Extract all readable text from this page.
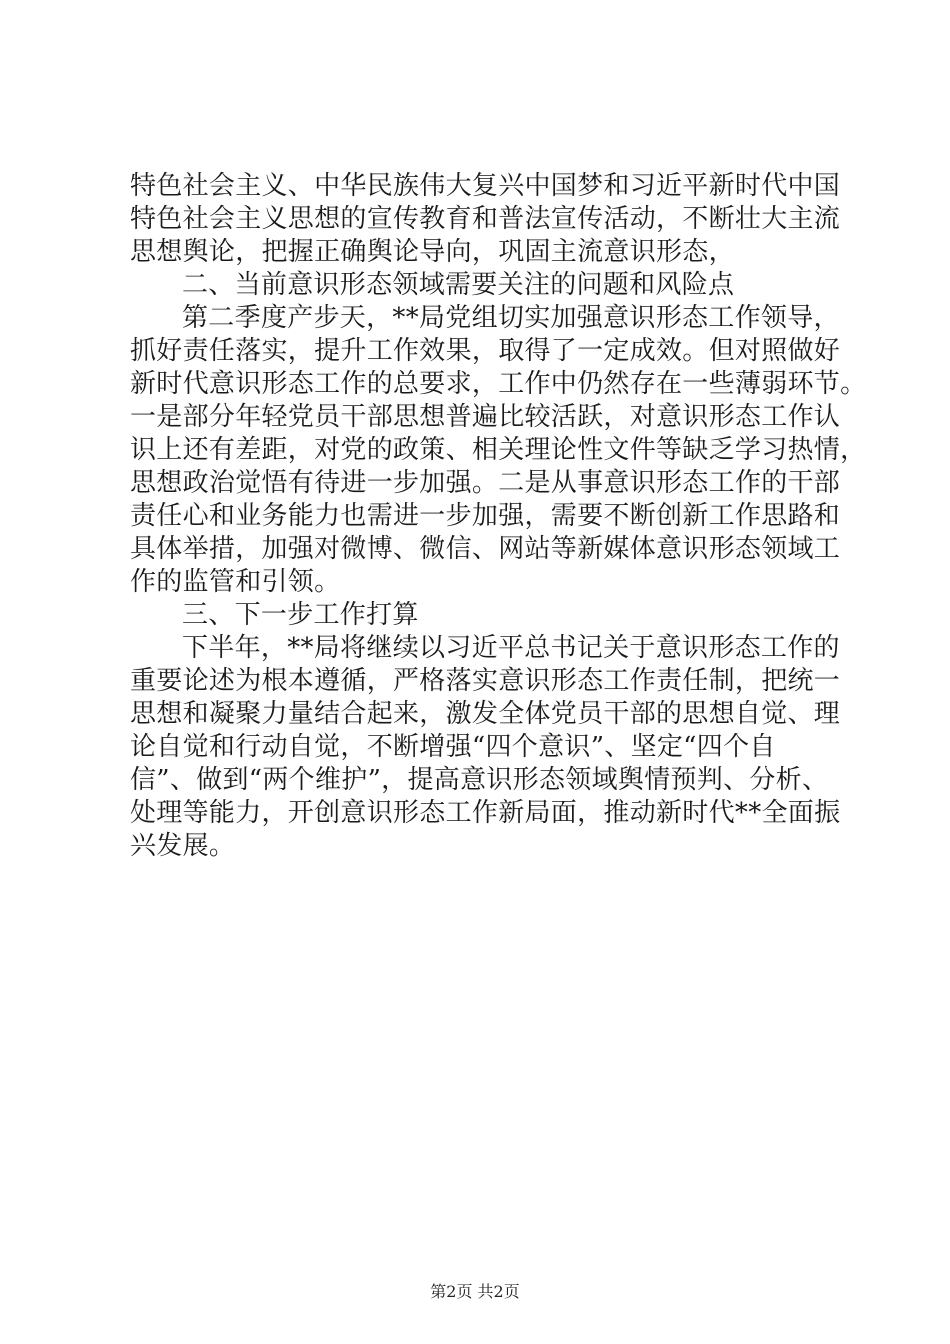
特色社会主义、中华民族伟大复兴中国梦和习近平新时代中国
特色社会主义思想的宣传教育和普法宣传活动，不断壮大主流
思想舆论，把握正确舆论导向，巩固主流意识形态，
二、当前意识形态领域需要关注的问题和风险点
第二季度产步天，**局党组切实加强意识形态工作领导，
抓好责任落实，提升工作效果，取得了一定成效。但对照做好
新时代意识形态工作的总要求，工作中仍然存在一些薄弱环节。
一是部分年轻党员干部思想普遍比较活跃，对意识形态工作认
识上还有差距，对党的政策、相关理论性文件等缺乏学习热情，
思想政治觉悟有待进一步加强。二是从事意识形态工作的干部
责任心和业务能力也需进一步加强，需要不断创新工作思路和
具体举措，加强对微博、微信、网站等新媒体意识形态领域工
作的监管和引领。
三、下一步工作打算
下半年，**局将继续以习近平总书记关于意识形态工作的
重要论述为根本遵循，严格落实意识形态工作责任制，把统一
思想和凝聚力量结合起来，激发全体党员干部的思想自觉、理
论自觉和行动自觉，不断增强“四个意识”、坚定“四个自
信”、做到“两个维护”，提高意识形态领域舆情预判、分析、
处理等能力，开创意识形态工作新局面，推动新时代**全面振
兴发展。
第2页 共2页
